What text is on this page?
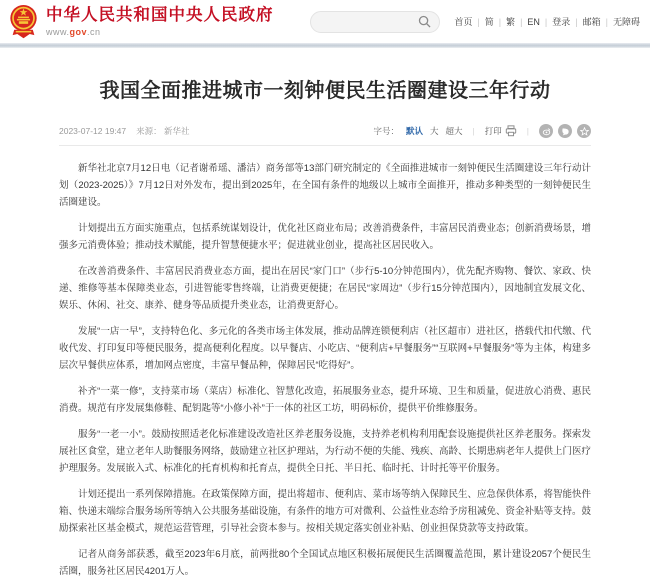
中华人民共和国中央人民政府
www.gov.cn
首页	| 简	| 繁	| EN	| 登录	| 邮箱	| 无障碍
我国全面推进城市一刻钟便民生活圈建设三年行动
2023-07-12 19:47 来源： 新华社	字号： 默认 大 超大	|	打印	|

新华社北京7月12日电（记者谢希瑶、潘洁）商务部等13部门研究制定的《全面推进城市一刻钟便民生活圈建设三年行动计划（2023-2025）》7月12日对外发布，提出到2025年，在全国有条件的地级以上城市全面推开，推动多种类型的一刻钟便民生活圈建设。

计划提出五方面实施重点，包括系统谋划设计，优化社区商业布局；改善消费条件，丰富居民消费业态；创新消费场景，增强多元消费体验；推动技术赋能，提升智慧便捷水平；促进就业创业，提高社区居民收入。

在改善消费条件、丰富居民消费业态方面，提出在居民“家门口”（步行5-10分钟范围内），优先配齐购物、餐饮、家政、快递、维修等基本保障类业态，引进智能零售终端，让消费更便捷；在居民“家周边”（步行15分钟范围内），因地制宜发展文化、娱乐、休闲、社交、康养、健身等品质提升类业态，让消费更舒心。

发展“一店一早”，支持特色化、多元化的各类市场主体发展，推动品牌连锁便利店（社区超市）进社区，搭载代扣代缴、代收代发、打印复印等便民服务，提高便利化程度。以早餐店、小吃店、“便利店+早餐服务”“互联网+早餐服务”等为主体，构建多层次早餐供应体系，增加网点密度，丰富早餐品种，保障居民“吃得好”。

补齐“一菜一修”，支持菜市场（菜店）标准化、智慧化改造，拓展服务业态，提升环境、卫生和质量，促进放心消费、惠民消费。规范有序发展集修鞋、配钥匙等“小修小补”于一体的社区工坊，明码标价，提供平价维修服务。

服务“一老一小”。鼓励按照适老化标准建设改造社区养老服务设施，支持养老机构利用配套设施提供社区养老服务。探索发展社区食堂，建立老年人助餐服务网络，鼓励建立社区护理站，为行动不便的失能、残疾、高龄、长期患病老年人提供上门医疗护理服务。发展嵌入式、标准化的托育机构和托育点，提供全日托、半日托、临时托、计时托等平价服务。

计划还提出一系列保障措施。在政策保障方面，提出将超市、便利店、菜市场等纳入保障民生、应急保供体系，将智能快件箱、快递末端综合服务场所等纳入公共服务基础设施，有条件的地方可对微利、公益性业态给予房租减免、资金补贴等支持。鼓励探索社区基金模式，规范运营管理，引导社会资本参与。按相关规定落实创业补贴、创业担保贷款等支持政策。

记者从商务部获悉，截至2023年6月底，前两批80个全国试点地区积极拓展便民生活圈覆盖范围，累计建设2057个便民生活圈，服务社区居民4201万人。
